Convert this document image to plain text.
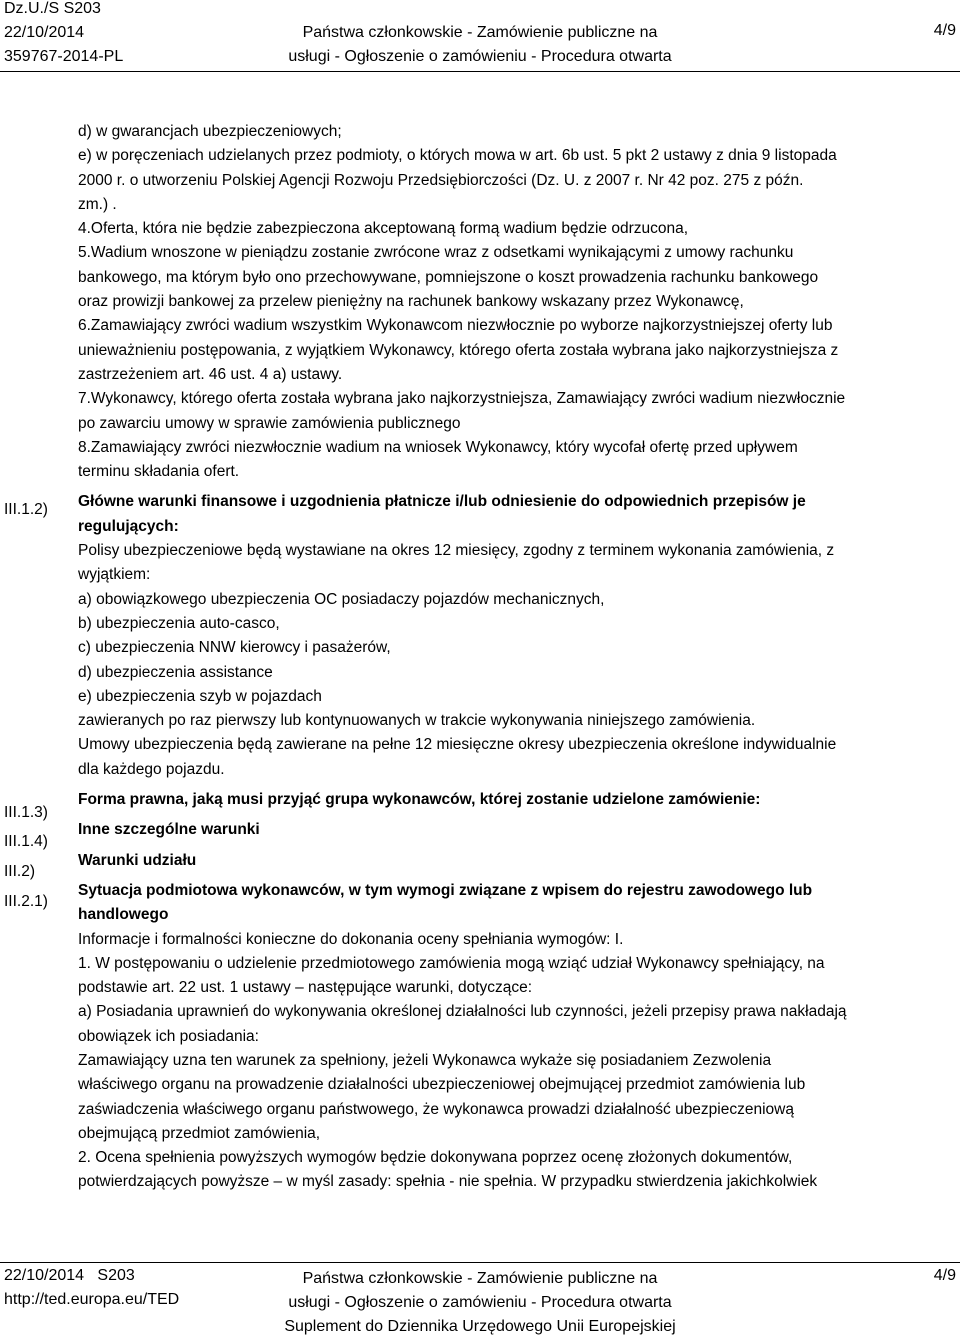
Dz.U./S S203
22/10/2014
359767-2014-PL
Państwa członkowskie - Zamówienie publiczne na
usługi - Ogłoszenie o zamówieniu - Procedura otwarta
4/9
III.1.2)
III.1.3)
III.1.4)
III.2)
III.2.1)

d) w gwarancjach ubezpieczeniowych;

e) w poręczeniach udzielanych przez podmioty, o których mowa w art. 6b ust. 5 pkt 2 ustawy z dnia 9 listopada

2000 r. o utworzeniu Polskiej Agencji Rozwoju Przedsiębiorczości (Dz. U. z 2007 r. Nr 42 poz. 275 z późn.

zm.) .

4.Oferta, która nie będzie zabezpieczona akceptowaną formą wadium będzie odrzucona,

5.Wadium wnoszone w pieniądzu zostanie zwrócone wraz z odsetkami wynikającymi z umowy rachunku

bankowego, ma którym było ono przechowywane, pomniejszone o koszt prowadzenia rachunku bankowego

oraz prowizji bankowej za przelew pieniężny na rachunek bankowy wskazany przez Wykonawcę,

6.Zamawiający zwróci wadium wszystkim Wykonawcom niezwłocznie po wyborze najkorzystniejszej oferty lub

unieważnieniu postępowania, z wyjątkiem Wykonawcy, którego oferta została wybrana jako najkorzystniejsza z

zastrzeżeniem art. 46 ust. 4 a) ustawy.

7.Wykonawcy, którego oferta została wybrana jako najkorzystniejsza, Zamawiający zwróci wadium niezwłocznie

po zawarciu umowy w sprawie zamówienia publicznego

8.Zamawiający zwróci niezwłocznie wadium na wniosek Wykonawcy, który wycofał ofertę przed upływem

terminu składania ofert.

Główne warunki finansowe i uzgodnienia płatnicze i/lub odniesienie do odpowiednich przepisów je

regulujących:

Polisy ubezpieczeniowe będą wystawiane na okres 12 miesięcy, zgodny z terminem wykonania zamówienia, z

wyjątkiem:

a) obowiązkowego ubezpieczenia OC posiadaczy pojazdów mechanicznych,

b) ubezpieczenia auto-casco,

c) ubezpieczenia NNW kierowcy i pasażerów,

d) ubezpieczenia assistance

e) ubezpieczenia szyb w pojazdach

zawieranych po raz pierwszy lub kontynuowanych w trakcie wykonywania niniejszego zamówienia.

Umowy ubezpieczenia będą zawierane na pełne 12 miesięczne okresy ubezpieczenia określone indywidualnie

dla każdego pojazdu.

Forma prawna, jaką musi przyjąć grupa wykonawców, której zostanie udzielone zamówienie:

Inne szczególne warunki

Warunki udziału

Sytuacja podmiotowa wykonawców, w tym wymogi związane z wpisem do rejestru zawodowego lub

handlowego

Informacje i formalności konieczne do dokonania oceny spełniania wymogów: I.

1. W postępowaniu o udzielenie przedmiotowego zamówienia mogą wziąć udział Wykonawcy spełniający, na

podstawie art. 22 ust. 1 ustawy – następujące warunki, dotyczące:

a) Posiadania uprawnień do wykonywania określonej działalności lub czynności, jeżeli przepisy prawa nakładają

obowiązek ich posiadania:

Zamawiający uzna ten warunek za spełniony, jeżeli Wykonawca wykaże się posiadaniem Zezwolenia

właściwego organu na prowadzenie działalności ubezpieczeniowej obejmującej przedmiot zamówienia lub

zaświadczenia właściwego organu państwowego, że wykonawca prowadzi działalność ubezpieczeniową

obejmującą przedmiot zamówienia,

2. Ocena spełnienia powyższych wymogów będzie dokonywana poprzez ocenę złożonych dokumentów,

potwierdzających powyższe – w myśl zasady: spełnia - nie spełnia. W przypadku stwierdzenia jakichkolwiek

22/10/2014   S203
http://ted.europa.eu/TED
Państwa członkowskie - Zamówienie publiczne na
usługi - Ogłoszenie o zamówieniu - Procedura otwarta
Suplement do Dziennika Urzędowego Unii Europejskiej
4/9
